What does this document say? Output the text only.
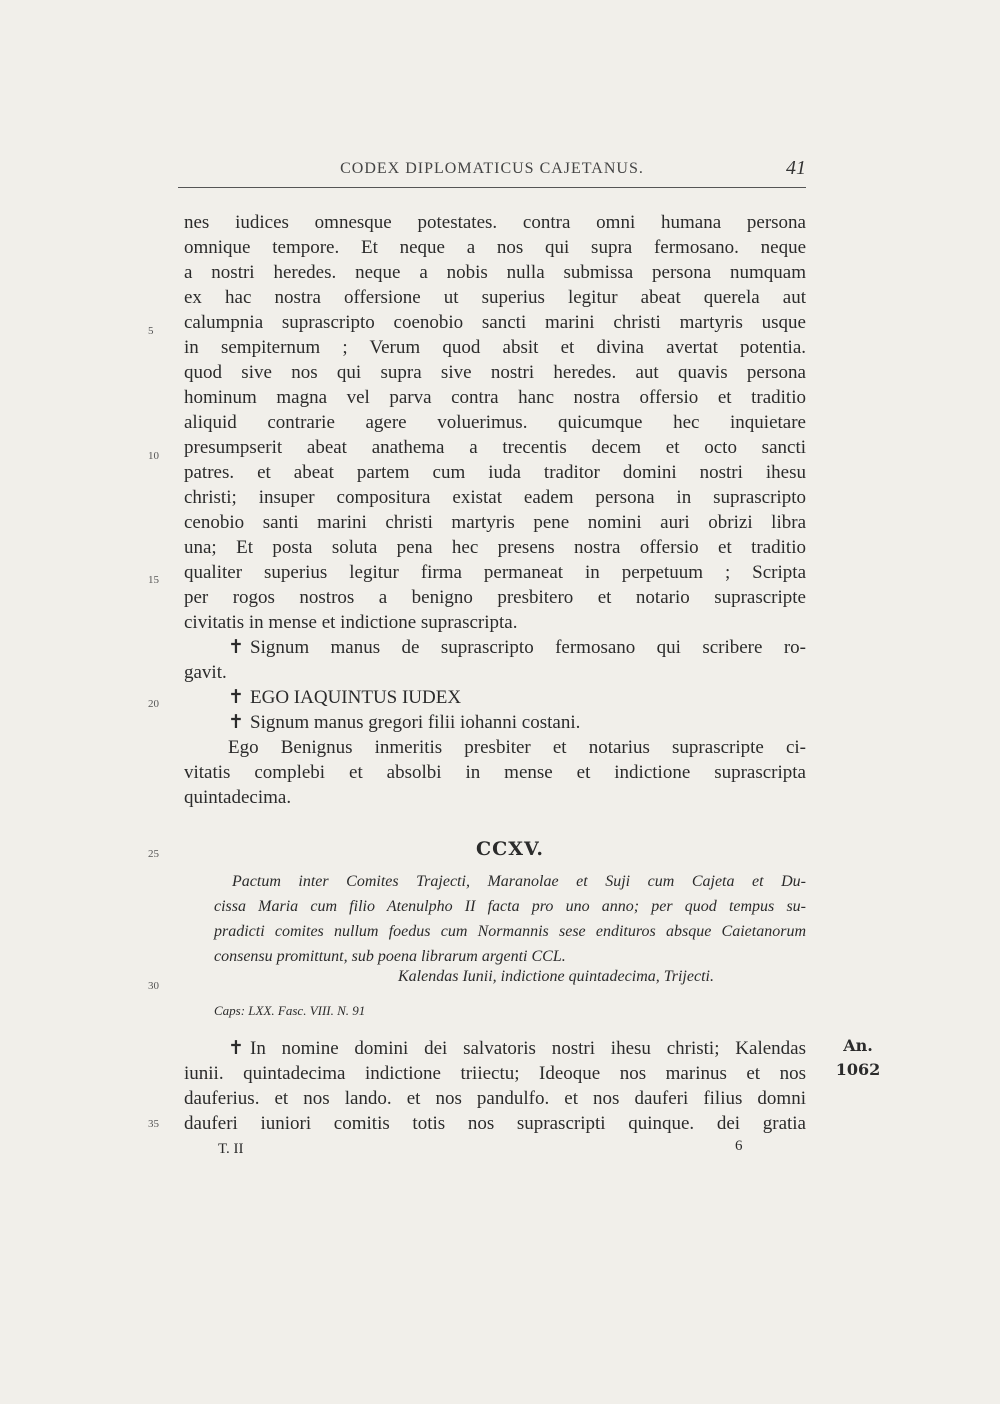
CODEX DIPLOMATICUS CAJETANUS.	41
5
10
15
20
25
30
35
nes iudices omnesque potestates. contra omni humana persona
omnique tempore. Et neque a nos qui supra fermosano. neque
a nostri heredes. neque a nobis nulla submissa persona numquam
ex hac nostra offersione ut superius legitur abeat querela aut
calumpnia suprascripto coenobio sancti marini christi martyris usque
in sempiternum ; Verum quod absit et divina avertat potentia.
quod sive nos qui supra sive nostri heredes. aut quavis persona
hominum magna vel parva contra hanc nostra offersio et traditio
aliquid contrarie agere voluerimus. quicumque hec inquietare
presumpserit abeat anathema a trecentis decem et octo sancti
patres. et abeat partem cum iuda traditor domini nostri ihesu
christi; insuper compositura existat eadem persona in suprascripto
cenobio santi marini christi martyris pene nomini auri obrizi libra
una; Et posta soluta pena hec presens nostra offersio et traditio
qualiter superius legitur firma permaneat in perpetuum ; Scripta
per rogos nostros a benigno presbitero et notario suprascripte
civitatis in mense et indictione suprascripta.
✝ Signum manus de suprascripto fermosano qui scribere ro-
gavit.
✝ EGO IAQUINTUS IUDEX
✝ Signum manus gregori filii iohanni costani.
Ego Benignus inmeritis presbiter et notarius suprascripte ci-
vitatis complebi et absolbi in mense et indictione suprascripta
quintadecima.
CCXV.
Pactum inter Comites Trajecti, Maranolae et Suji cum Cajeta et Du-
cissa Maria cum filio Atenulpho II facta pro uno anno; per quod tempus su-
pradicti comites nullum foedus cum Normannis sese endituros absque Caietanorum
consensu promittunt, sub poena librarum argenti CCL.
Kalendas Iunii, indictione quintadecima, Trijecti.
Caps: LXX. Fasc. VIII. N. 91
✝ In nomine domini dei salvatoris nostri ihesu christi; Kalendas
iunii. quintadecima indictione triiectu; Ideoque nos marinus et nos
dauferius. et nos lando. et nos pandulfo. et nos dauferi filius domni
dauferi iuniori comitis totis nos suprascripti quinque. dei gratia
An.
1062
T. II	6
